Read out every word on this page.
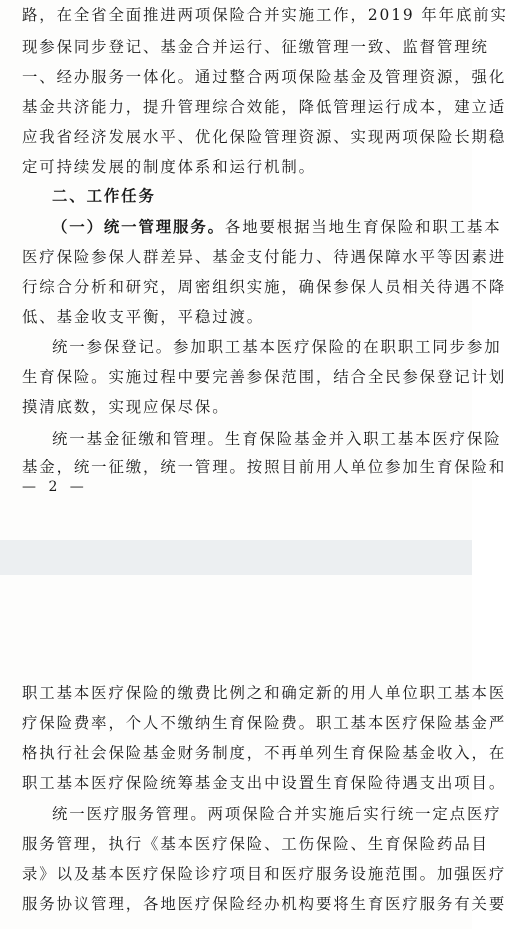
路，在全省全面推进两项保险合并实施工作，2019 年年底前实
现参保同步登记、基金合并运行、征缴管理一致、监督管理统
一、经办服务一体化。通过整合两项保险基金及管理资源，强化
基金共济能力，提升管理综合效能，降低管理运行成本，建立适
应我省经济发展水平、优化保险管理资源、实现两项保险长期稳
定可持续发展的制度体系和运行机制。
二、工作任务
（一）统一管理服务。各地要根据当地生育保险和职工基本
医疗保险参保人群差异、基金支付能力、待遇保障水平等因素进
行综合分析和研究，周密组织实施，确保参保人员相关待遇不降
低、基金收支平衡，平稳过渡。
统一参保登记。参加职工基本医疗保险的在职职工同步参加
生育保险。实施过程中要完善参保范围，结合全民参保登记计划
摸清底数，实现应保尽保。
统一基金征缴和管理。生育保险基金并入职工基本医疗保险
基金，统一征缴，统一管理。按照目前用人单位参加生育保险和
— 2 —
职工基本医疗保险的缴费比例之和确定新的用人单位职工基本医
疗保险费率，个人不缴纳生育保险费。职工基本医疗保险基金严
格执行社会保险基金财务制度，不再单列生育保险基金收入，在
职工基本医疗保险统筹基金支出中设置生育保险待遇支出项目。
统一医疗服务管理。两项保险合并实施后实行统一定点医疗
服务管理，执行《基本医疗保险、工伤保险、生育保险药品目
录》以及基本医疗保险诊疗项目和医疗服务设施范围。加强医疗
服务协议管理，各地医疗保险经办机构要将生育医疗服务有关要
